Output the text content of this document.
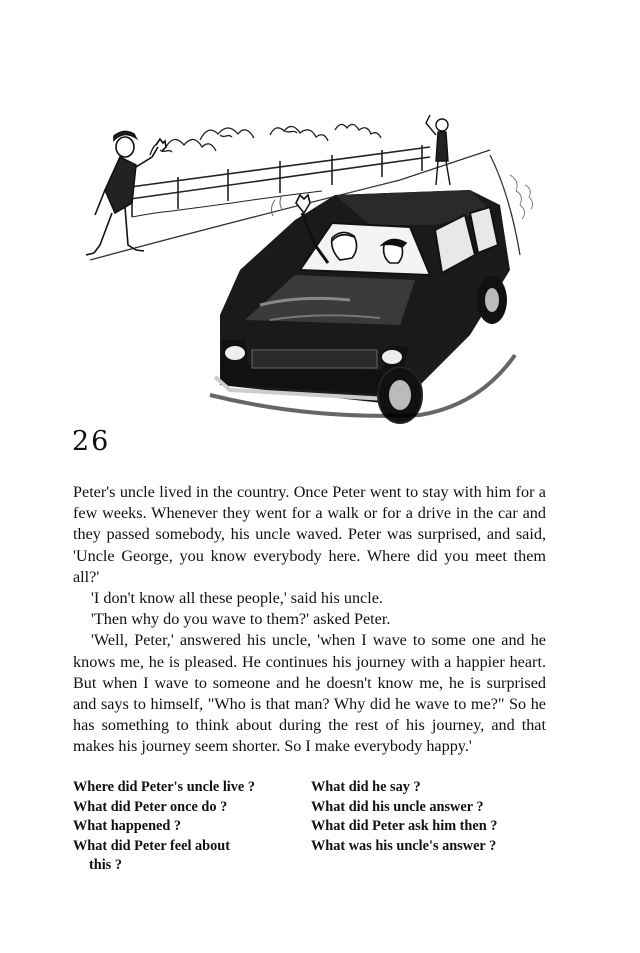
26

Peter's uncle lived in the country. Once Peter went to stay with him for a few weeks. Whenever they went for a walk or for a drive in the car and they passed somebody, his uncle waved. Peter was surprised, and said, 'Uncle George, you know everybody here. Where did you meet them all?'

'I don't know all these people,' said his uncle.

'Then why do you wave to them?' asked Peter.

'Well, Peter,' answered his uncle, 'when I wave to some one and he knows me, he is pleased. He continues his journey with a happier heart. But when I wave to someone and he doesn't know me, he is surprised and says to himself, "Who is that man? Why did he wave to me?" So he has something to think about during the rest of his journey, and that makes his journey seem shorter. So I make everybody happy.'

Where did Peter's uncle live ?
What did Peter once do ?
What happened ?
What did Peter feel about
this ?
What did he say ?
What did his uncle answer ?
What did Peter ask him then ?
What was his uncle's answer ?
